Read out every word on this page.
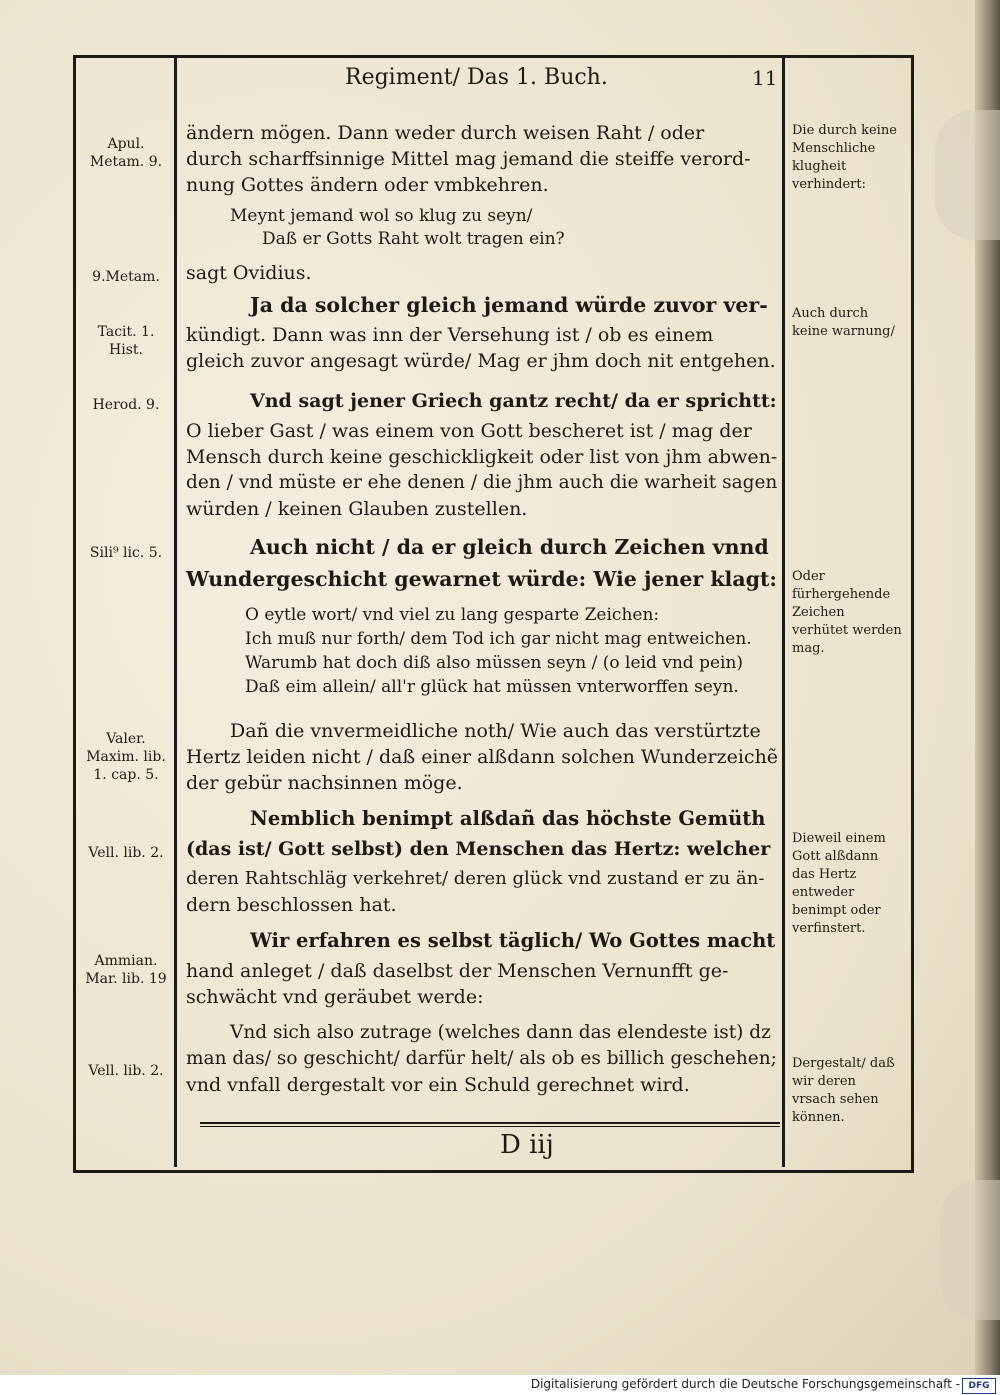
Regiment/ Das 1. Buch.	11
Apul. Metam. 9.
9.Metam.
Tacit. 1. Hist.
Herod. 9.
Sili⁹ lic. 5.
Valer. Maxim. lib. 1. cap. 5.
Vell. lib. 2.
Ammian. Mar. lib. 19
Vell. lib. 2.
Die durch keine Menschliche klugheit verhindert:
Auch durch keine warnung/
Oder fürhergehende Zeichen verhütet werden mag.
Dieweil einem Gott alßdann das Hertz entweder benimpt oder verfinstert.
Dergestalt/ daß wir deren vrsach sehen können.
ändern mögen. Dann weder durch weisen Raht / oder
durch scharffsinnige Mittel mag jemand die steiffe verord-
nung Gottes ändern oder vmbkehren.
Meynt jemand wol so klug zu seyn/
Daß er Gotts Raht wolt tragen ein?
sagt Ovidius.
Ja da solcher gleich jemand würde zuvor ver-
kündigt. Dann was inn der Versehung ist / ob es einem
gleich zuvor angesagt würde/ Mag er jhm doch nit entgehen.
Vnd sagt jener Griech gantz recht/ da er sprichtt:
O lieber Gast / was einem von Gott bescheret ist / mag der
Mensch durch keine geschickligkeit oder list von jhm abwen-
den / vnd müste er ehe denen / die jhm auch die warheit sagen
würden / keinen Glauben zustellen.
Auch nicht / da er gleich durch Zeichen vnnd
Wundergeschicht gewarnet würde: Wie jener klagt:
O eytle wort/ vnd viel zu lang gesparte Zeichen:
Ich muß nur forth/ dem Tod ich gar nicht mag entweichen.
Warumb hat doch diß also müssen seyn / (o leid vnd pein)
Daß eim allein/ all'r glück hat müssen vnterworffen seyn.
Dañ die vnvermeidliche noth/ Wie auch das verstürtzte
Hertz leiden nicht / daß einer alßdann solchen Wunderzeichẽ
der gebür nachsinnen möge.
Nemblich benimpt alßdañ das höchste Gemüth
(das ist/ Gott selbst) den Menschen das Hertz: welcher
deren Rahtschläg verkehret/ deren glück vnd zustand er zu än-
dern beschlossen hat.
Wir erfahren es selbst täglich/ Wo Gottes macht
hand anleget / daß daselbst der Menschen Vernunfft ge-
schwächt vnd geräubet werde:
Vnd sich also zutrage (welches dann das elendeste ist) dz
man das/ so geschicht/ darfür helt/ als ob es billich geschehen;
vnd vnfall dergestalt vor ein Schuld gerechnet wird.
D iij
Digitalisierung gefördert durch die Deutsche Forschungsgemeinschaft - DFG
